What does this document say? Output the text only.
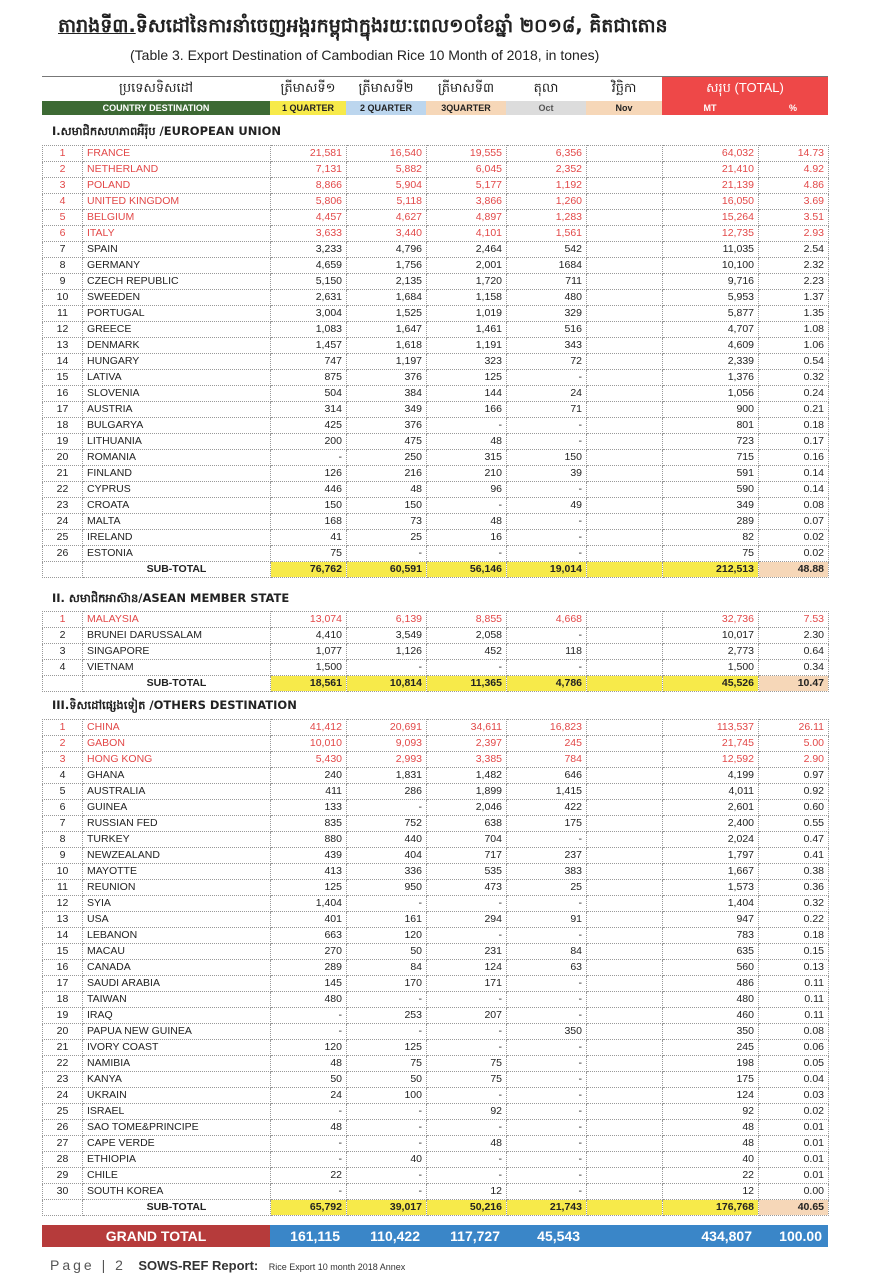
តារាងទី៣.ទិសដៅនៃការនាំចេញអង្ករកម្ពុជាក្នុងរយៈពេល១០ខែឆ្នាំ ២០១៨, គិតជាតោន
(Table 3. Export Destination of Cambodian Rice 10 Month of 2018, in tones)
ប្រទេសទិសដៅ	ត្រីមាសទី១	ត្រីមាសទី២	ត្រីមាសទី៣	តុលា	វិច្ឆិកា	សរុប (TOTAL)	
COUNTRY DESTINATION	1 QUARTER	2 QUARTER	3QUARTER	Oct	Nov	MT	%
I.សមាជិកសហភាពអឺរ៉ុប /EUROPEAN UNION
1	FRANCE	21,581	16,540	19,555	6,356		64,032	14.73
2	NETHERLAND	7,131	5,882	6,045	2,352		21,410	4.92
3	POLAND	8,866	5,904	5,177	1,192		21,139	4.86
4	UNITED KINGDOM	5,806	5,118	3,866	1,260		16,050	3.69
5	BELGIUM	4,457	4,627	4,897	1,283		15,264	3.51
6	ITALY	3,633	3,440	4,101	1,561		12,735	2.93
7	SPAIN	3,233	4,796	2,464	542		11,035	2.54
8	GERMANY	4,659	1,756	2,001	1684		10,100	2.32
9	CZECH REPUBLIC	5,150	2,135	1,720	711		9,716	2.23
10	SWEEDEN	2,631	1,684	1,158	480		5,953	1.37
11	PORTUGAL	3,004	1,525	1,019	329		5,877	1.35
12	GREECE	1,083	1,647	1,461	516		4,707	1.08
13	DENMARK	1,457	1,618	1,191	343		4,609	1.06
14	HUNGARY	747	1,197	323	72		2,339	0.54
15	LATIVA	875	376	125	-		1,376	0.32
16	SLOVENIA	504	384	144	24		1,056	0.24
17	AUSTRIA	314	349	166	71		900	0.21
18	BULGARYA	425	376	-	-		801	0.18
19	LITHUANIA	200	475	48	-		723	0.17
20	ROMANIA	-	250	315	150		715	0.16
21	FINLAND	126	216	210	39		591	0.14
22	CYPRUS	446	48	96	-		590	0.14
23	CROATA	150	150	-	49		349	0.08
24	MALTA	168	73	48	-		289	0.07
25	IRELAND	41	25	16	-		82	0.02
26	ESTONIA	75	-	-	-		75	0.02
	SUB-TOTAL	76,762	60,591	56,146	19,014		212,513	48.88
II. សមាជិកអាស៊ាន/ASEAN MEMBER STATE
1	MALAYSIA	13,074	6,139	8,855	4,668		32,736	7.53
2	BRUNEI DARUSSALAM	4,410	3,549	2,058	-		10,017	2.30
3	SINGAPORE	1,077	1,126	452	118		2,773	0.64
4	VIETNAM	1,500	-	-	-		1,500	0.34
	SUB-TOTAL	18,561	10,814	11,365	4,786		45,526	10.47
III.ទិសដៅផ្សេងទៀត /OTHERS DESTINATION
1	CHINA	41,412	20,691	34,611	16,823		113,537	26.11
2	GABON	10,010	9,093	2,397	245		21,745	5.00
3	HONG KONG	5,430	2,993	3,385	784		12,592	2.90
4	GHANA	240	1,831	1,482	646		4,199	0.97
5	AUSTRALIA	411	286	1,899	1,415		4,011	0.92
6	GUINEA	133	-	2,046	422		2,601	0.60
7	RUSSIAN FED	835	752	638	175		2,400	0.55
8	TURKEY	880	440	704	-		2,024	0.47
9	NEWZEALAND	439	404	717	237		1,797	0.41
10	MAYOTTE	413	336	535	383		1,667	0.38
11	REUNION	125	950	473	25		1,573	0.36
12	SYIA	1,404	-	-	-		1,404	0.32
13	USA	401	161	294	91		947	0.22
14	LEBANON	663	120	-	-		783	0.18
15	MACAU	270	50	231	84		635	0.15
16	CANADA	289	84	124	63		560	0.13
17	SAUDI ARABIA	145	170	171	-		486	0.11
18	TAIWAN	480	-	-	-		480	0.11
19	IRAQ	-	253	207	-		460	0.11
20	PAPUA NEW GUINEA	-	-	-	350		350	0.08
21	IVORY COAST	120	125	-	-		245	0.06
22	NAMIBIA	48	75	75	-		198	0.05
23	KANYA	50	50	75	-		175	0.04
24	UKRAIN	24	100	-	-		124	0.03
25	ISRAEL	-	-	92	-		92	0.02
26	SAO TOME&PRINCIPE	48	-	-	-		48	0.01
27	CAPE VERDE	-	-	48	-		48	0.01
28	ETHIOPIA	-	40	-	-		40	0.01
29	CHILE	22	-	-	-		22	0.01
30	SOUTH KOREA	-	-	12	-		12	0.00
	SUB-TOTAL	65,792	39,017	50,216	21,743		176,768	40.65
GRAND TOTAL	161,115	110,422	117,727	45,543		434,807	100.00
Page | 2 SOWS-REF Report: Rice Export 10 month 2018 Annex
